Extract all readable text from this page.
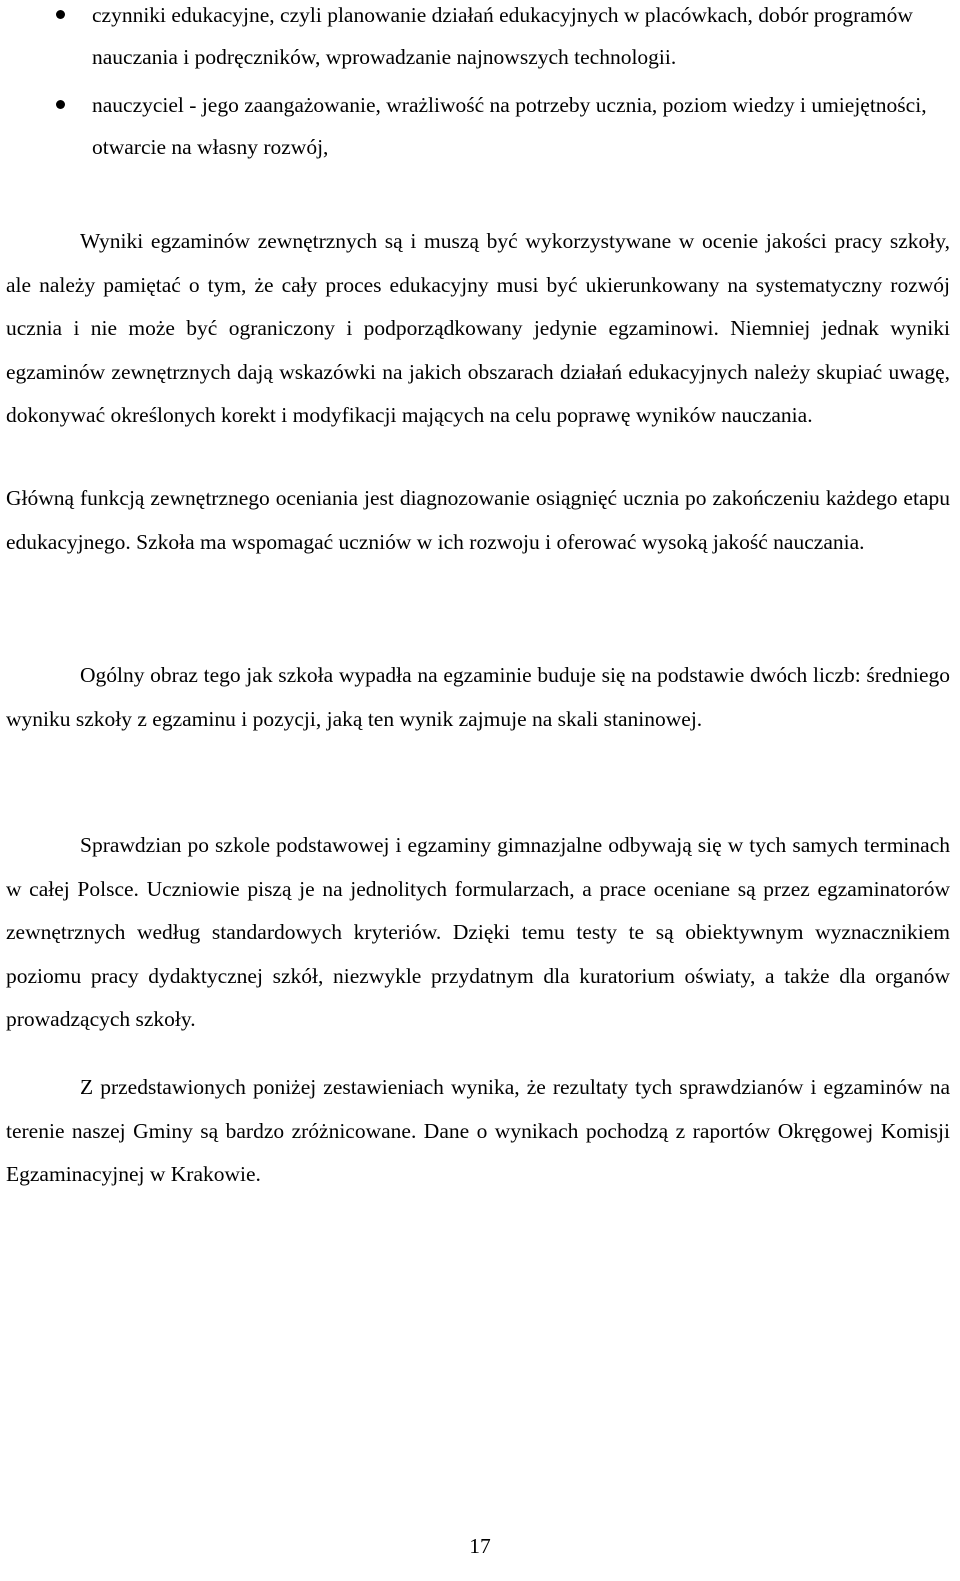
czynniki edukacyjne, czyli planowanie działań edukacyjnych w placówkach, dobór programów nauczania i podręczników, wprowadzanie najnowszych technologii.
nauczyciel - jego zaangażowanie, wrażliwość na potrzeby ucznia, poziom wiedzy i umiejętności, otwarcie na własny rozwój,

Wyniki egzaminów zewnętrznych są i muszą być wykorzystywane w ocenie jakości pracy szkoły, ale należy pamiętać o tym, że cały proces edukacyjny musi być ukierunkowany na systematyczny rozwój ucznia i nie może być ograniczony i podporządkowany jedynie egzaminowi. Niemniej jednak wyniki egzaminów zewnętrznych dają wskazówki na jakich obszarach działań edukacyjnych należy skupiać uwagę, dokonywać określonych korekt i modyfikacji mających na celu poprawę wyników nauczania.

Główną funkcją zewnętrznego oceniania jest diagnozowanie osiągnięć ucznia po zakończeniu każdego etapu edukacyjnego. Szkoła ma wspomagać uczniów w ich rozwoju i oferować wysoką jakość nauczania.

Ogólny obraz tego jak szkoła wypadła na egzaminie buduje się na podstawie dwóch liczb: średniego wyniku szkoły z egzaminu i pozycji, jaką ten wynik zajmuje na skali staninowej.

Sprawdzian po szkole podstawowej i egzaminy gimnazjalne odbywają się w tych samych terminach w całej Polsce. Uczniowie piszą je na jednolitych formularzach, a prace oceniane są przez egzaminatorów zewnętrznych według standardowych kryteriów. Dzięki temu testy te są obiektywnym wyznacznikiem poziomu pracy dydaktycznej szkół, niezwykle przydatnym dla kuratorium oświaty, a także dla organów prowadzących szkoły.

Z przedstawionych poniżej zestawieniach wynika, że rezultaty tych sprawdzianów i egzaminów na terenie naszej Gminy są bardzo zróżnicowane. Dane o wynikach pochodzą z raportów Okręgowej Komisji Egzaminacyjnej w Krakowie.

17
